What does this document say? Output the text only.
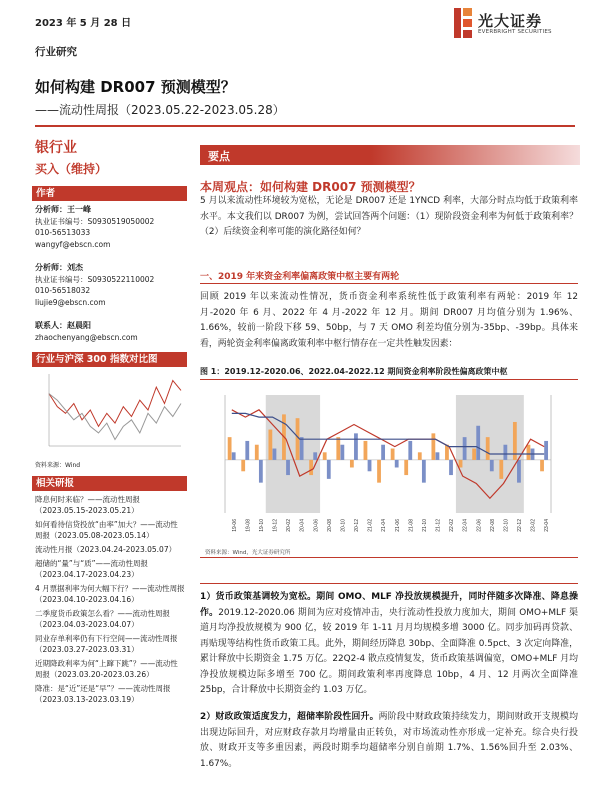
2023 年 5 月 28 日	光大证券
EVERBRIGHT SECURITIES
行业研究
如何构建 DR007 预测模型？
——流动性周报（2023.05.22-2023.05.28）
银行业
买入（维持）
作者
分析师：王一峰
执业证书编号：S0930519050002
010-56513033
wangyf@ebscn.com
分析师：刘杰
执业证书编号：S0930522110002
010-56518032
liujie9@ebscn.com
联系人：赵晨阳
zhaochenyang@ebscn.com
行业与沪深 300 指数对比图
资料来源：Wind
相关研报
降息何时来临？——流动性周报（2023.05.15-2023.05.21）
如何看待信贷投放“由率”加大？——流动性周报（2023.05.08-2023.05.14）
流动性月报（2023.04.24-2023.05.07）
超储的“量”与“质”——流动性周报（2023.04.17-2023.04.23）
4 月票据利率为何大幅下行？——流动性周报（2023.04.10-2023.04.16）
二季度货币政策怎么看？——流动性周报（2023.04.03-2023.04.07）
同业存单利率仍有下行空间——流动性周报（2023.03.27-2023.03.31）
近期降政利率为何“上蹿下跳”？——流动性周报（2023.03.20-2023.03.26）
降准：是“近”还是“早”？——流动性周报（2023.03.13-2023.03.19）
要点
本周观点：如何构建 DR007 预测模型？
5 月以来流动性环境较为宽松，无论是 DR007 还是 1YNCD 利率，大部分时点均低于政策利率水平。本文我们以 DR007 为例，尝试回答两个问题：（1）现阶段资金利率为何低于政策利率？（2）后续资金利率可能的演化路径如何？
一、2019 年来资金利率偏离政策中枢主要有两轮
回顾 2019 年以来流动性情况，货币资金利率系统性低于政策利率有两轮：2019 年 12 月-2020 年 6 月、2022 年 4 月-2022 年 12 月。期间 DR007 月均值分别为 1.96%、1.66%，较前一阶段下移 59、50bp，与 7 天 OMO 利差均值分别为-35bp、-39bp。具体来看，两轮资金利率偏离政策利率中枢行情存在一定共性触发因素：
图 1：2019.12-2020.06、2022.04-2022.12 期间资金利率阶段性偏离政策中枢
19-06 19-08 19-10 19-12 20-02 20-04 20-06 20-08 20-10 20-12 21-02 21-04 21-06 21-08 21-10 21-12 22-02 22-04 22-06 22-08 22-10 22-12 23-02 23-04
资料来源：Wind，光大证券研究所
1）货币政策基调较为宽松。期间 OMO、MLF 净投放规模提升，同时伴随多次降准、降息操作。2019.12-2020.06 期间为应对疫情冲击，央行流动性投放力度加大，期间 OMO+MLF 渠道月均净投放规模为 900 亿，较 2019 年 1-11 月月均规模多增 3000 亿。同步加码再贷款、再贴现等结构性货币政策工具。此外，期间经历降息 30bp、全面降准 0.5pct、3 次定向降准，累计释放中长期资金 1.75 万亿。22Q2-4 散点疫情复发，货币政策基调偏宽，OMO+MLF 月均净投放规模边际多增至 700 亿。期间政策利率再度降息 10bp，4 月、12 月两次全面降准 25bp，合计释放中长期资金约 1.03 万亿。
2）财政政策适度发力，超储率阶段性回升。两阶段中财政政策持续发力，期间财政开支规模均出现边际回升，对应财政存款月均增量由正转负，对市场流动性亦形成一定补充。综合央行投放、财政开支等多重因素，两段时期季均超储率分别自前期 1.7%、1.56%回升至 2.03%、1.67%。
